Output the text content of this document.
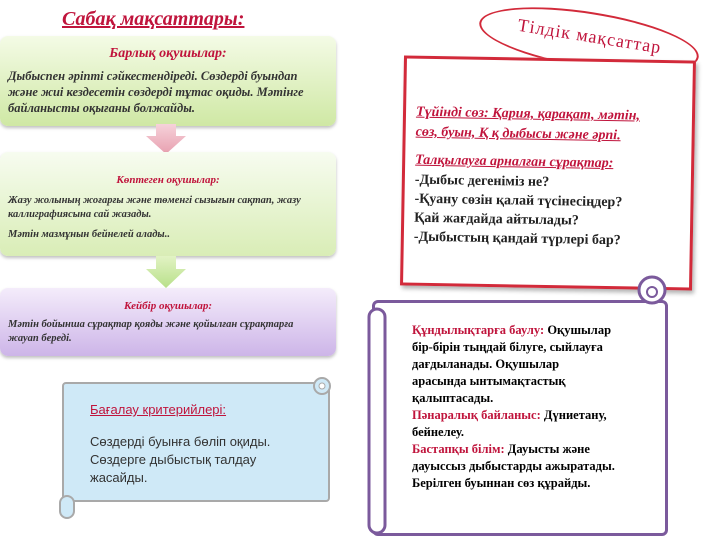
Сабақ мақсаттары:
Барлық оқушылар:
Дыбыспен әріпті сәйкестендіреді. Сөздерді буындап және жиі кездесетін сөздерді тұтас оқиды. Мәтінге байланысты оқығаны болжайды.
Көптеген оқушылар:
Жазу жолының жоғарғы және төменгі сызығын сақтап, жазу каллиграфиясына сай жазады.
Мәтін мазмұнын бейнелей алады..
Кейбір оқушылар:
Мәтін бойынша сұрақтар қояды және қойылған сұрақтарға жауап береді.
Бағалау критерийлері:
Сөздерді буынға бөліп оқиды.
Сөздерге дыбыстық талдау
жасайды.
Тілдік мақсаттар
Түйінді сөз: Қария, қарақат, мәтін,
сөз, буын, Қ қ дыбысы және әрпі.
Талқылауға арналған сұрақтар:
-Дыбыс дегеніміз не?
-Қуану сөзін қалай түсінесіңдер?
Қай жағдайда айтылады?
-Дыбыстың қандай түрлері бар?
Құндылықтарға баулу: Оқушылар
бір-бірін тыңдай білуге, сыйлауға
дағдыланады. Оқушылар
арасында ынтымақтастық
қалыптасады.
Пәнаралық байланыс: Дүниетану,
бейнелеу.
Бастапқы білім: Дауысты және
дауыссыз дыбыстарды ажыратады.
Берілген буыннан сөз құрайды.
